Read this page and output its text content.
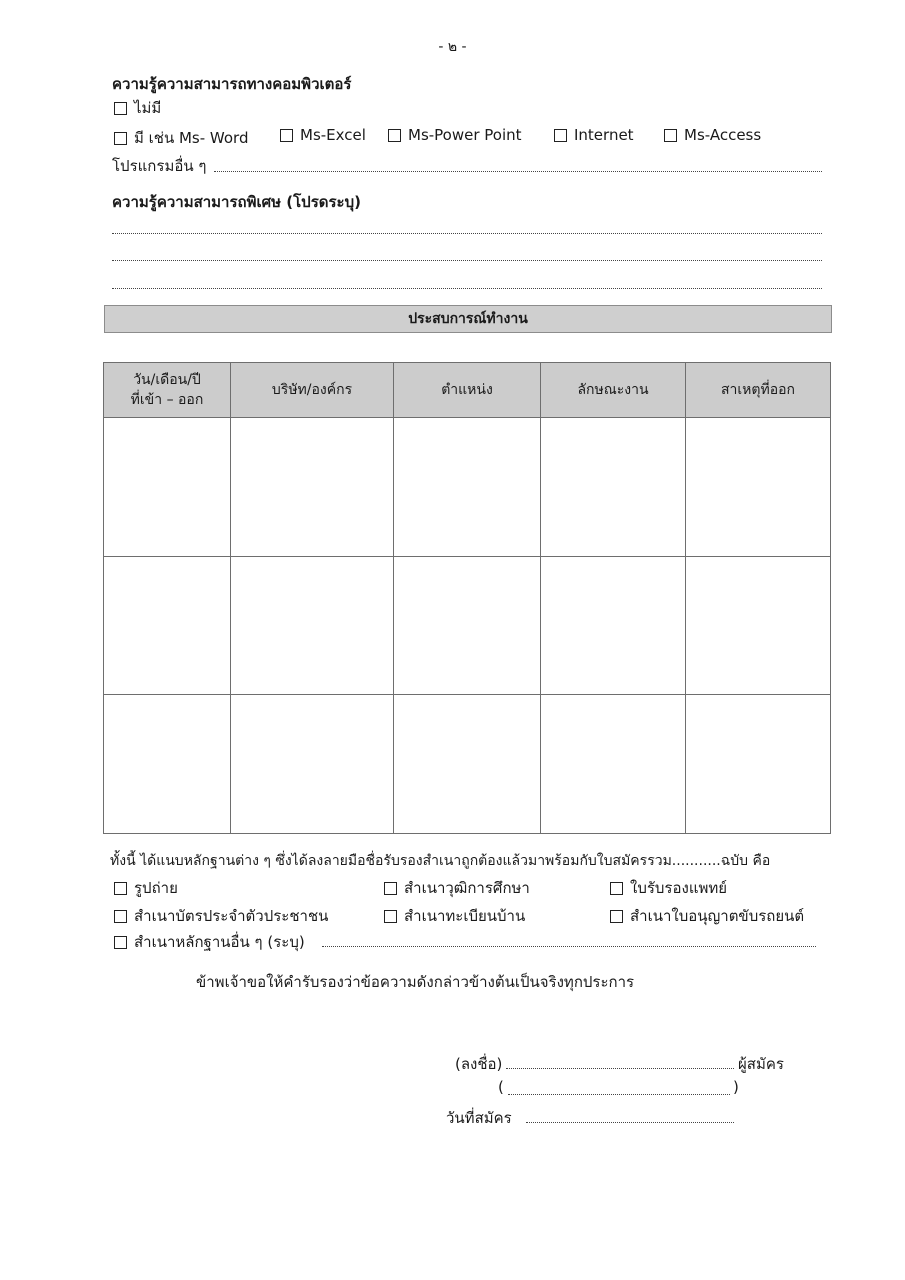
- ๒ -
ความรู้ความสามารถทางคอมพิวเตอร์
ไม่มี
มี เช่น Ms- Word	Ms-Excel	Ms-Power Point	Internet	Ms-Access
โปรแกรมอื่น ๆ
ความรู้ความสามารถพิเศษ (โปรดระบุ)
ประสบการณ์ทำงาน
วัน/เดือน/ปี
ที่เข้า – ออก	บริษัท/องค์กร	ตำแหน่ง	ลักษณะงาน	สาเหตุที่ออก

ทั้งนี้ ได้แนบหลักฐานต่าง ๆ ซึ่งได้ลงลายมือชื่อรับรองสำเนาถูกต้องแล้วมาพร้อมกับใบสมัครรวม...........ฉบับ คือ
รูปถ่าย	สำเนาวุฒิการศึกษา	ใบรับรองแพทย์
สำเนาบัตรประจำตัวประชาชน	สำเนาทะเบียนบ้าน	สำเนาใบอนุญาตขับรถยนต์
สำเนาหลักฐานอื่น ๆ (ระบุ)
ข้าพเจ้าขอให้คำรับรองว่าข้อความดังกล่าวข้างต้นเป็นจริงทุกประการ
(ลงชื่อ)	ผู้สมัคร
(	)
วันที่สมัคร
